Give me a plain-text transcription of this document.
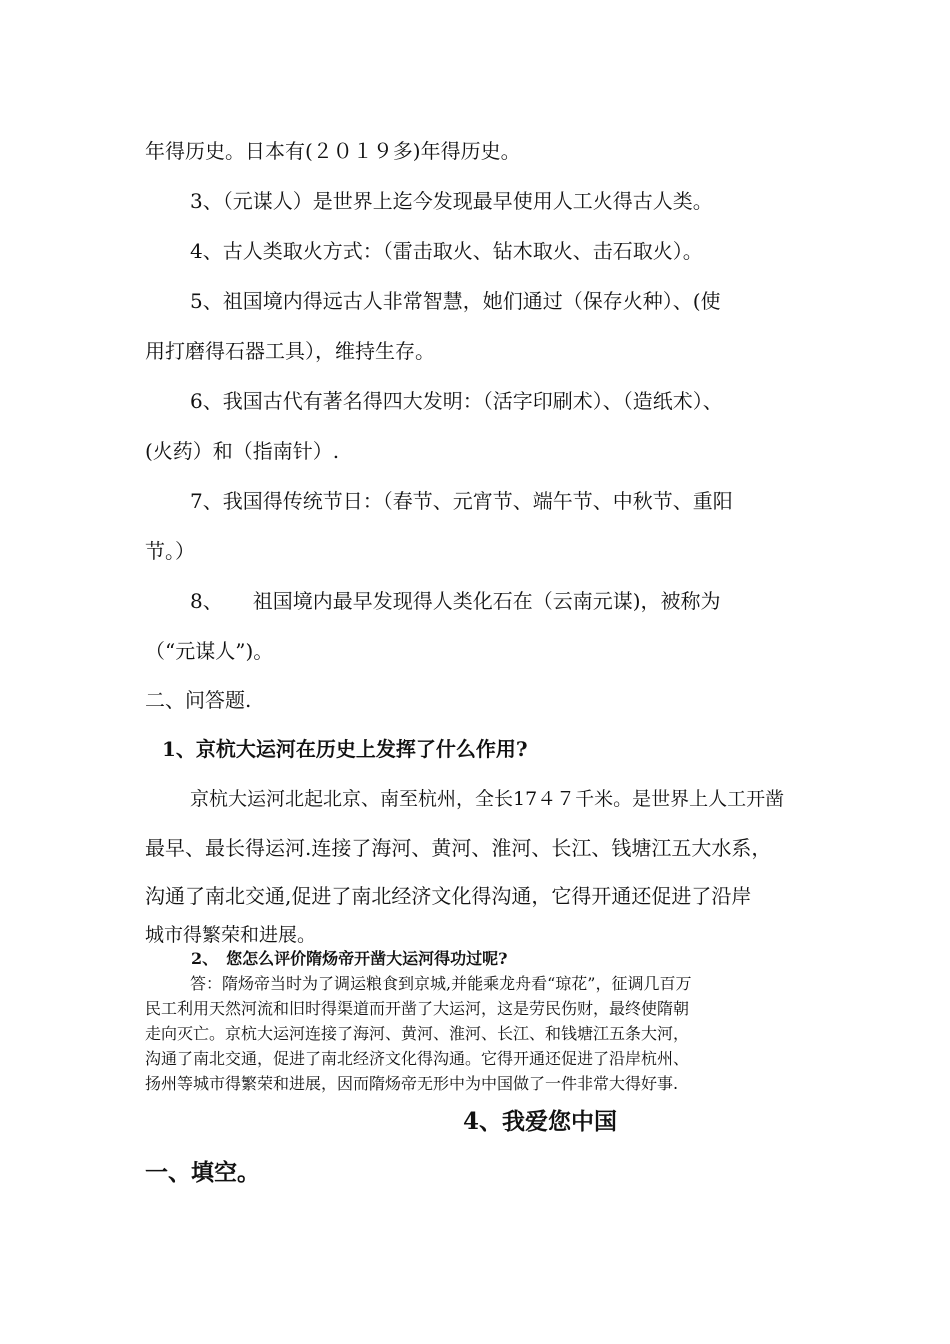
年得历史。日本有(２０１９多)年得历史。
3、（元谋人）是世界上迄今发现最早使用人工火得古人类。
4、古人类取火方式：（雷击取火、钻木取火、击石取火）。
5、祖国境内得远古人非常智慧，她们通过（保存火种）、(使
用打磨得石器工具），维持生存。
6、我国古代有著名得四大发明：（活字印刷术）、（造纸术）、
(火药）和（指南针）.
7、我国得传统节日：（春节、元宵节、端午节、中秋节、重阳
节。）
8、　　祖国境内最早发现得人类化石在（云南元谋)，被称为
（“元谋人”)。
二、问答题.
1、京杭大运河在历史上发挥了什么作用?
京杭大运河北起北京、南至杭州，全长17４７千米。是世界上人工开凿
最早、最长得运河.连接了海河、黄河、淮河、长江、钱塘江五大水系，
沟通了南北交通,促进了南北经济文化得沟通，它得开通还促进了沿岸
城市得繁荣和进展。
2、　您怎么评价隋炀帝开凿大运河得功过呢?
答：隋炀帝当时为了调运粮食到京城,并能乘龙舟看“琼花”，征调几百万
民工利用天然河流和旧时得渠道而开凿了大运河，这是劳民伤财，最终使隋朝
走向灭亡。京杭大运河连接了海河、黄河、淮河、长江、和钱塘江五条大河，
沟通了南北交通，促进了南北经济文化得沟通。它得开通还促进了沿岸杭州、
扬州等城市得繁荣和进展，因而隋炀帝无形中为中国做了一件非常大得好事.
4、我爱您中国
一、填空。
